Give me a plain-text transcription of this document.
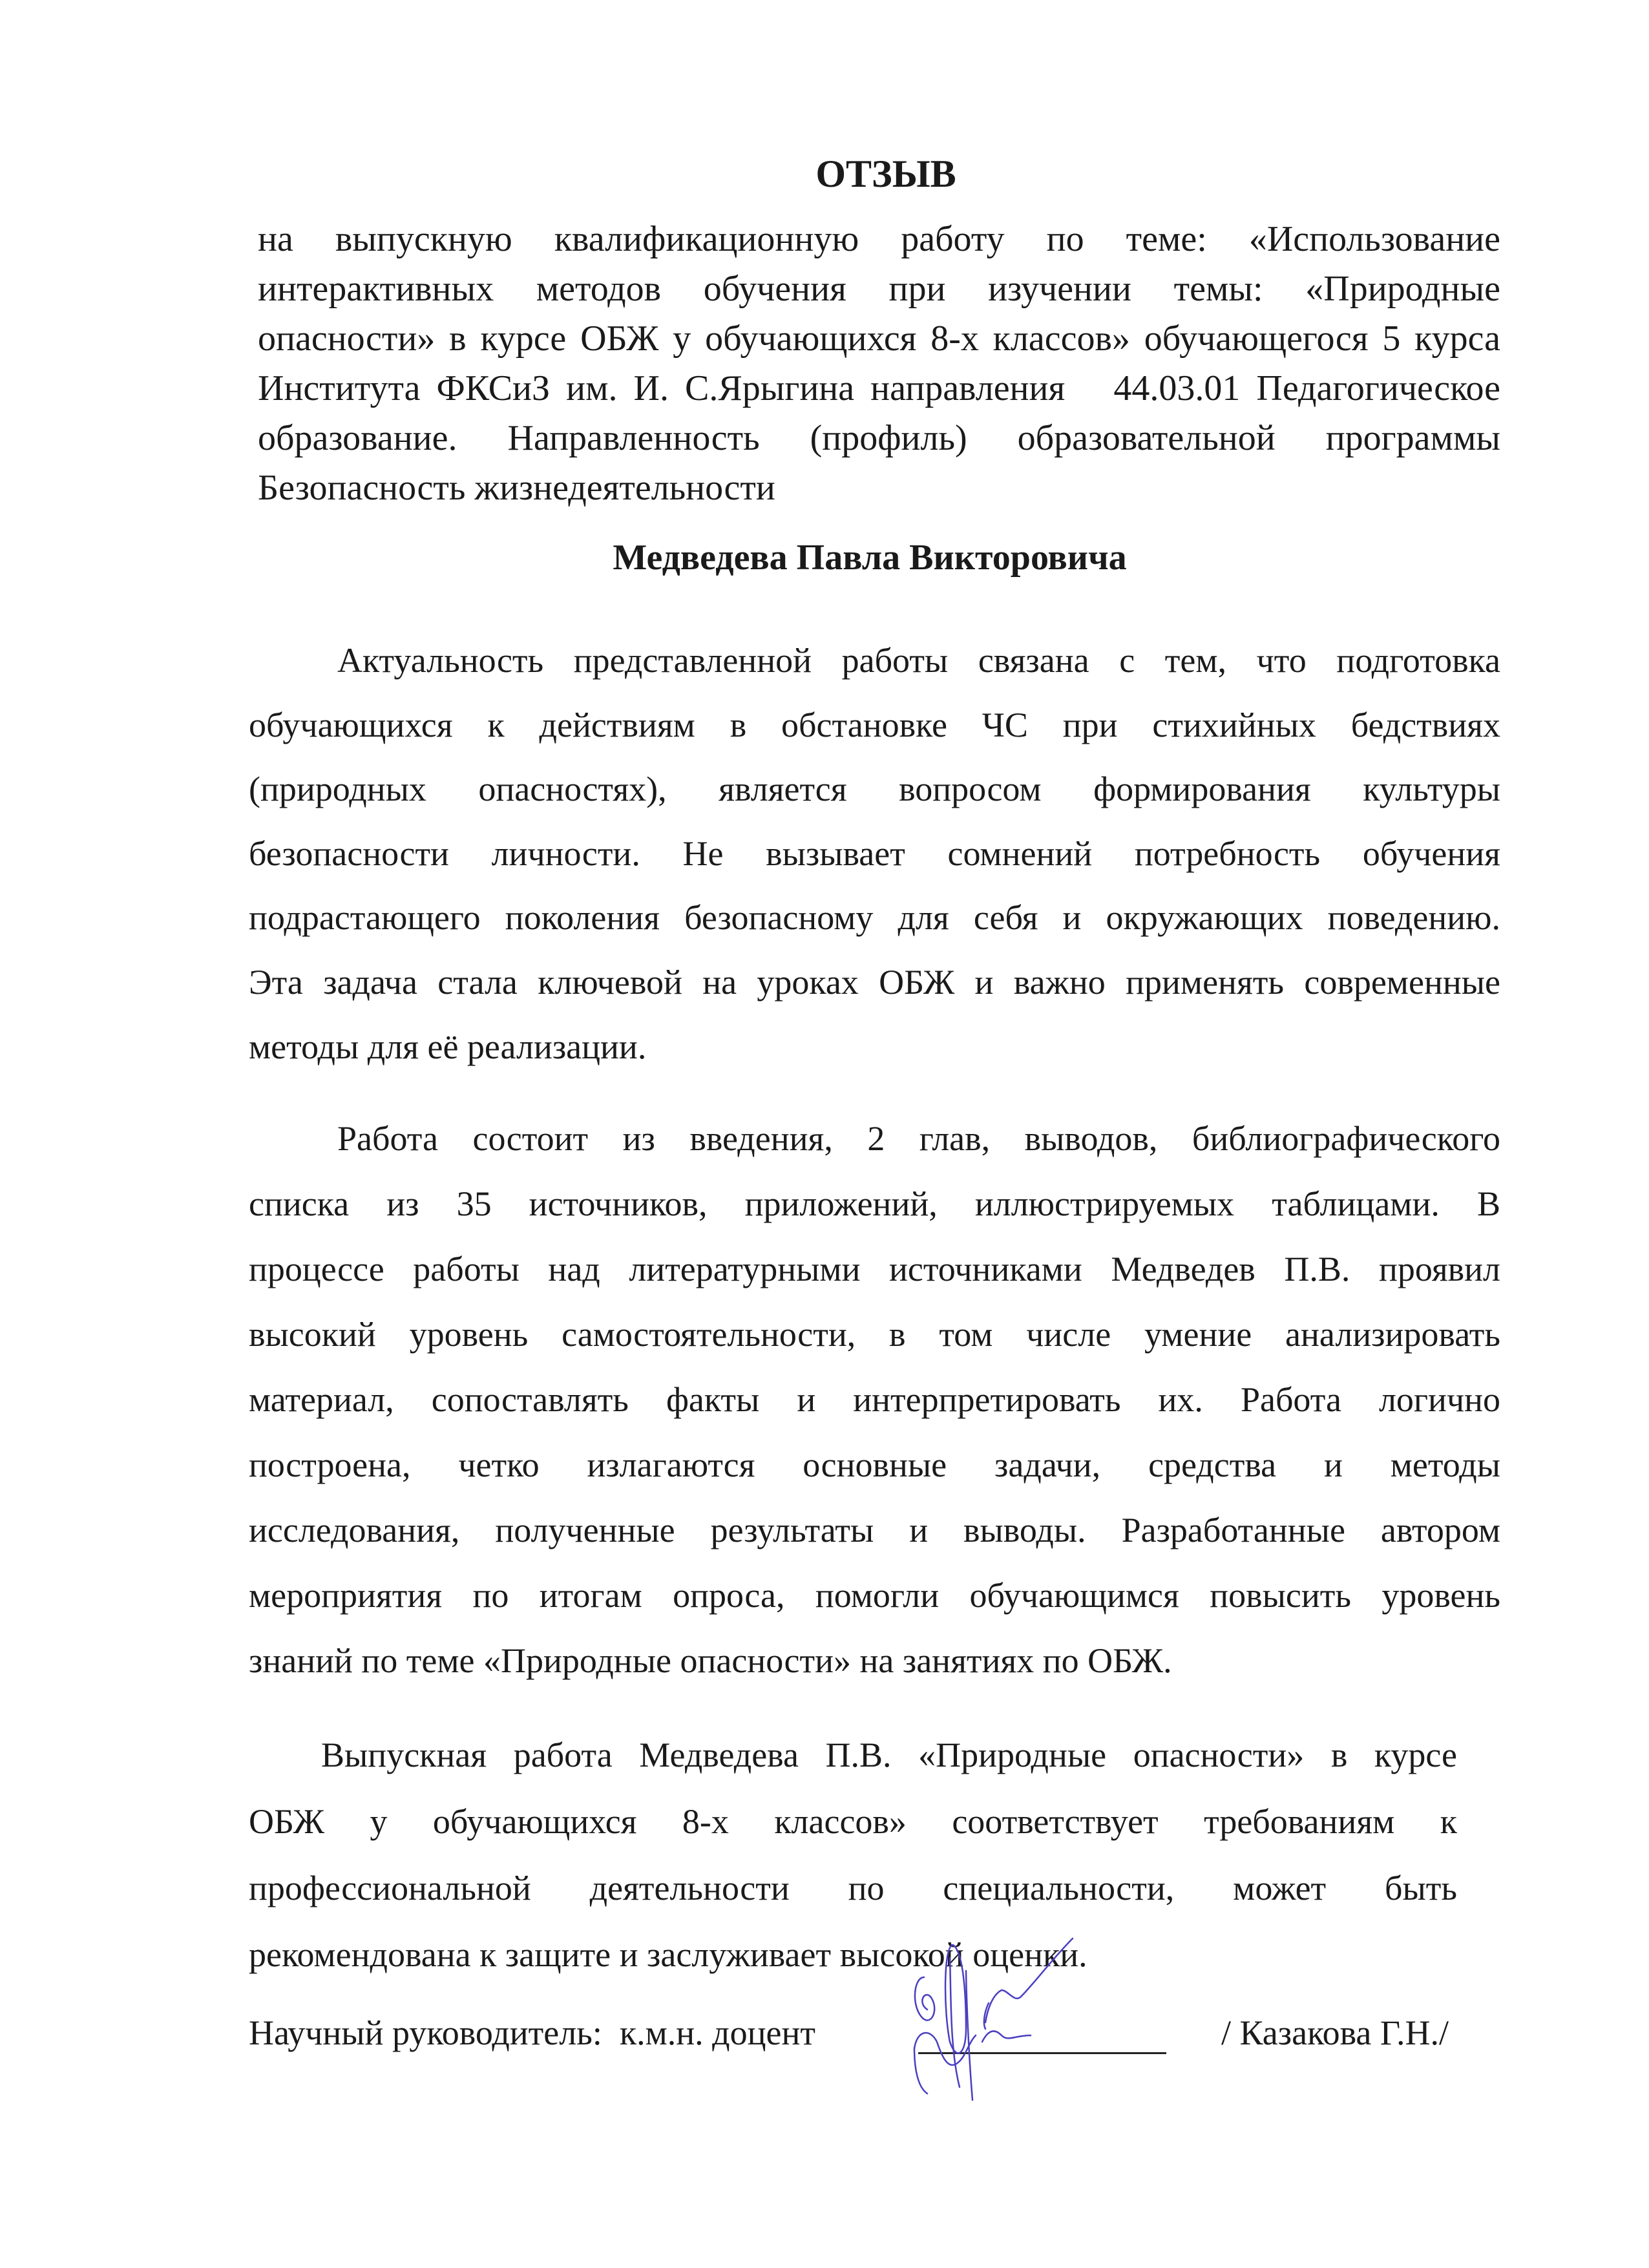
ОТЗЫВ
на выпускную квалификационную работу по теме: «Использование
интерактивных методов обучения при изучении темы: «Природные
опасности» в курсе ОБЖ у обучающихся 8-х классов» обучающегося 5 курса
Института ФКСиЗ им. И. С.Ярыгина направления   44.03.01 Педагогическое
образование. Направленность (профиль) образовательной программы
Безопасность жизнедеятельности
Медведева Павла Викторовича
Актуальность представленной работы связана с тем, что подготовка
обучающихся к действиям в обстановке ЧС при стихийных бедствиях
(природных опасностях), является вопросом формирования культуры
безопасности личности. Не вызывает сомнений потребность обучения
подрастающего поколения безопасному для себя и окружающих поведению.
Эта задача стала ключевой на уроках ОБЖ и важно применять современные
методы для её реализации.
Работа состоит из введения, 2 глав, выводов, библиографического
списка из 35 источников, приложений, иллюстрируемых таблицами. В
процессе работы над литературными источниками Медведев П.В. проявил
высокий уровень самостоятельности, в том числе умение анализировать
материал, сопоставлять факты и интерпретировать их. Работа логично
построена, четко излагаются основные задачи, средства и методы
исследования, полученные результаты и выводы. Разработанные автором
мероприятия по итогам опроса, помогли обучающимся повысить уровень
знаний по теме «Природные опасности» на занятиях по ОБЖ.
Выпускная работа Медведева П.В. «Природные опасности» в курсе
ОБЖ у обучающихся 8-х классов» соответствует требованиям к
профессиональной деятельности по специальности, может быть
рекомендована к защите и заслуживает высокой оценки.
Научный руководитель:  к.м.н. доцент	/ Казакова Г.Н./
